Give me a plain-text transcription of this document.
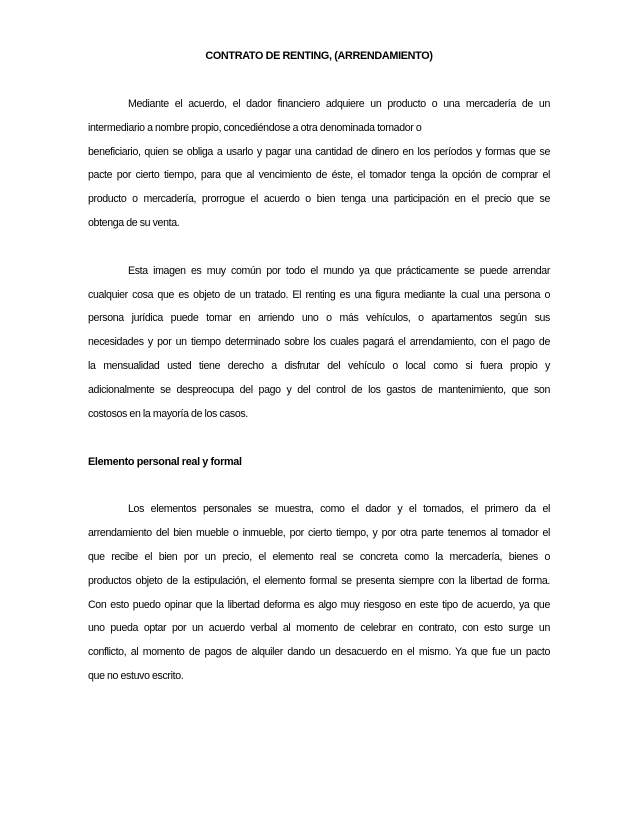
CONTRATO DE RENTING, (ARRENDAMIENTO)

Mediante el acuerdo, el dador financiero adquiere un producto o una mercadería de un
intermediario a nombre propio, concediéndose a otra denominada tomador o
beneficiario, quien se obliga a usarlo y pagar una cantidad de dinero en los períodos y formas que se
pacte por cierto tiempo, para que al vencimiento de éste, el tomador tenga la opción de comprar el
producto o mercadería, prorrogue el acuerdo o bien tenga una participación en el precio que se
obtenga de su venta.

Esta imagen es muy común por todo el mundo ya que prácticamente se puede arrendar
cualquier cosa que es objeto de un tratado. El renting es una figura mediante la cual una persona o
persona jurídica puede tomar en arriendo uno o más vehículos, o apartamentos según sus
necesidades y por un tiempo determinado sobre los cuales pagará el arrendamiento, con el pago de
la mensualidad usted tiene derecho a disfrutar del vehículo o local como si fuera propio y
adicionalmente se despreocupa del pago y del control de los gastos de mantenimiento, que son
costosos en la mayoría de los casos.

Elemento personal real y formal

Los elementos personales se muestra, como el dador y el tomados, el primero da el
arrendamiento del bien mueble o inmueble, por cierto tiempo, y por otra parte tenemos al tomador el
que recibe el bien por un precio, el elemento real se concreta como la mercadería, bienes o
productos objeto de la estipulación, el elemento formal se presenta siempre con la libertad de forma.
Con esto puedo opinar que la libertad deforma es algo muy riesgoso en este tipo de acuerdo, ya que
uno pueda optar por un acuerdo verbal al momento de celebrar en contrato, con esto surge un
conflicto, al momento de pagos de alquiler dando un desacuerdo en el mismo. Ya que fue un pacto
que no estuvo escrito.
